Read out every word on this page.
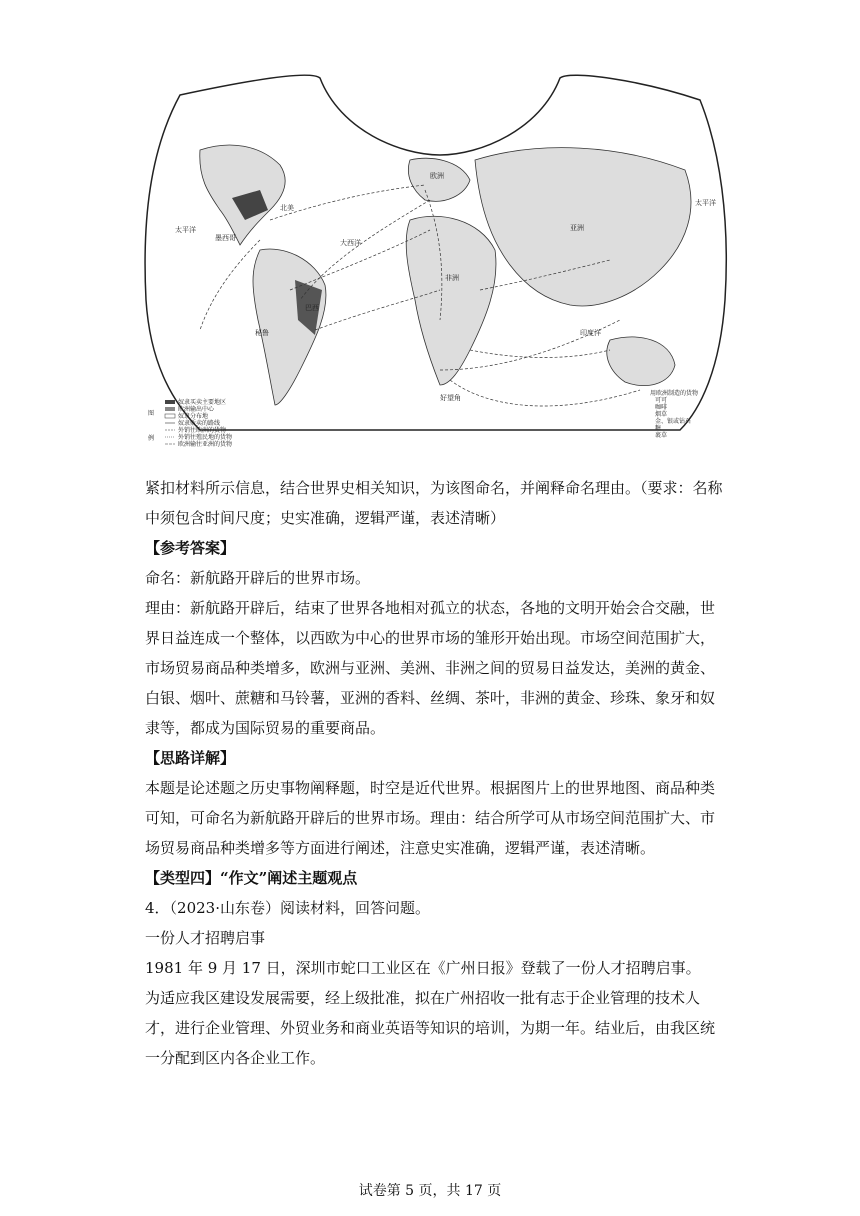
太平洋
大西洋
印度洋
太平洋
墨西哥
秘鲁
巴西
好望角
非洲
亚洲
欧洲
北美
图
例
奴隶买卖主要地区
欧洲输出中心
奴隶分布地
奴隶贩卖的路线
外销往欧洲的货物
外销往殖民地的货物
欧洲输往亚洲的货物
用欧洲制造的货物
可可
咖啡
烟草
金、银或钻石
糖
裹草

紧扣材料所示信息，结合世界史相关知识，为该图命名，并阐释命名理由。（要求：名称中须包含时间尺度；史实准确，逻辑严谨，表述清晰）

【参考答案】

命名：新航路开辟后的世界市场。

理由：新航路开辟后，结束了世界各地相对孤立的状态，各地的文明开始会合交融，世界日益连成一个整体，以西欧为中心的世界市场的雏形开始出现。市场空间范围扩大，市场贸易商品种类增多，欧洲与亚洲、美洲、非洲之间的贸易日益发达，美洲的黄金、白银、烟叶、蔗糖和马铃薯，亚洲的香料、丝绸、茶叶，非洲的黄金、珍珠、象牙和奴隶等，都成为国际贸易的重要商品。

【思路详解】

本题是论述题之历史事物阐释题，时空是近代世界。根据图片上的世界地图、商品种类可知，可命名为新航路开辟后的世界市场。理由：结合所学可从市场空间范围扩大、市场贸易商品种类增多等方面进行阐述，注意史实准确，逻辑严谨，表述清晰。

【类型四】“作文”阐述主题观点

4．（2023·山东卷）阅读材料，回答问题。

一份人才招聘启事

1981 年 9 月 17 日，深圳市蛇口工业区在《广州日报》登载了一份人才招聘启事。

为适应我区建设发展需要，经上级批准，拟在广州招收一批有志于企业管理的技术人才，进行企业管理、外贸业务和商业英语等知识的培训，为期一年。结业后，由我区统一分配到区内各企业工作。

试卷第 5 页，共 17 页
